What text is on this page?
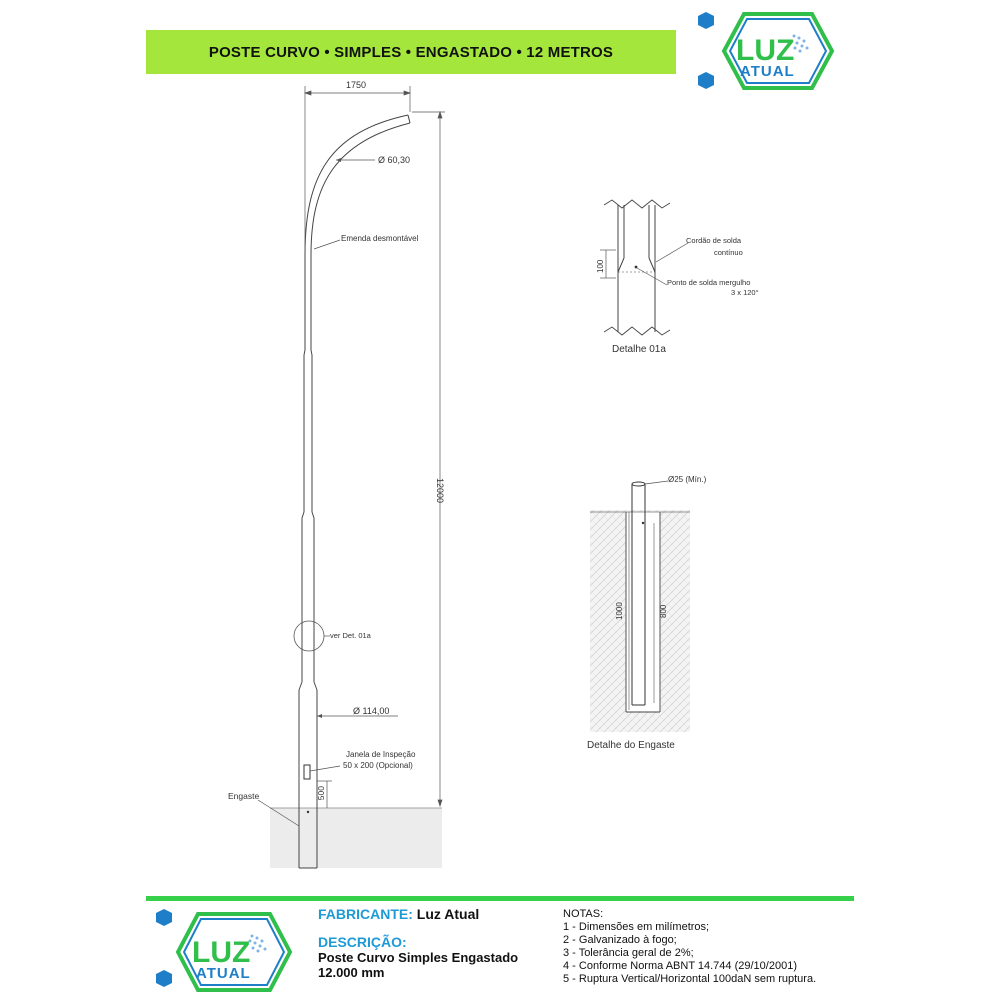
POSTE CURVO • SIMPLES • ENGASTADO • 12 METROS	LUZ
ATUAL
1750
Ø 60,30
Emenda desmontável
12000
ver Det. 01a
Ø 114,00
Janela de Inspeção
50 x 200 (Opcional)
500
Engaste
100
Cordão de solda
contínuo
Ponto de solda mergulho
3 x 120°
Detalhe 01a
Ø25 (Mín.)
1000	800
Detalhe do Engaste
LUZ
ATUAL
FABRICANTE: Luz Atual
DESCRIÇÃO:
Poste Curvo Simples Engastado
12.000 mm
NOTAS:
1 - Dimensões em milímetros;
2 - Galvanizado à fogo;
3 - Tolerância geral de 2%;
4 - Conforme Norma ABNT 14.744 (29/10/2001)
5 - Ruptura Vertical/Horizontal 100daN sem ruptura.
